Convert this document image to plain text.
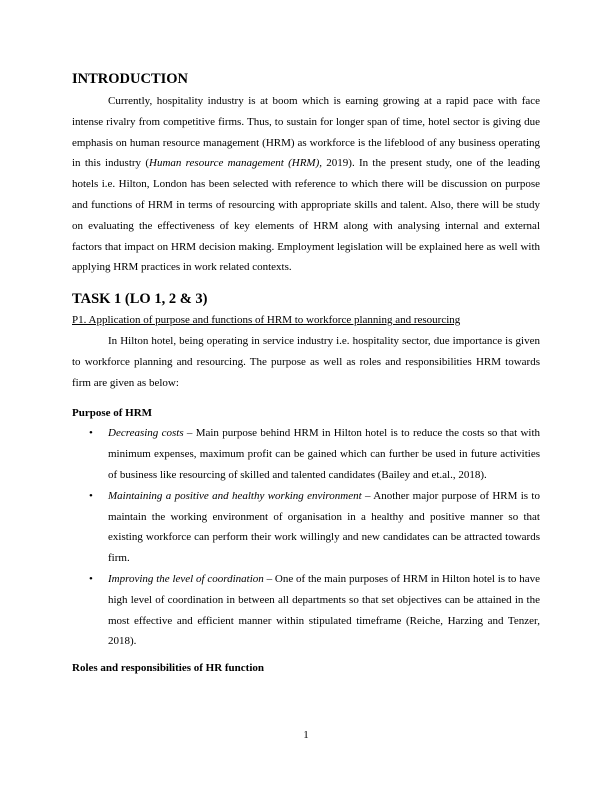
INTRODUCTION

Currently, hospitality industry is at boom which is earning growing at a rapid pace with face intense rivalry from competitive firms. Thus, to sustain for longer span of time, hotel sector is giving due emphasis on human resource management (HRM) as workforce is the lifeblood of any business operating in this industry (Human resource management (HRM), 2019). In the present study, one of the leading hotels i.e. Hilton, London has been selected with reference to which there will be discussion on purpose and functions of HRM in terms of resourcing with appropriate skills and talent. Also, there will be study on evaluating the effectiveness of key elements of HRM along with analysing internal and external factors that impact on HRM decision making. Employment legislation will be explained here as well with applying HRM practices in work related contexts.

TASK 1 (LO 1, 2 & 3)

P1. Application of purpose and functions of HRM to workforce planning and resourcing

In Hilton hotel, being operating in service industry i.e. hospitality sector, due importance is given to workforce planning and resourcing. The purpose as well as roles and responsibilities HRM towards firm are given as below:

Purpose of HRM
• Decreasing costs – Main purpose behind HRM in Hilton hotel is to reduce the costs so that with minimum expenses, maximum profit can be gained which can further be used in future activities of business like resourcing of skilled and talented candidates (Bailey and et.al., 2018).
• Maintaining a positive and healthy working environment – Another major purpose of HRM is to maintain the working environment of organisation in a healthy and positive manner so that existing workforce can perform their work willingly and new candidates can be attracted towards firm.
• Improving the level of coordination – One of the main purposes of HRM in Hilton hotel is to have high level of coordination in between all departments so that set objectives can be attained in the most effective and efficient manner within stipulated timeframe (Reiche, Harzing and Tenzer, 2018).
Roles and responsibilities of HR function
1
